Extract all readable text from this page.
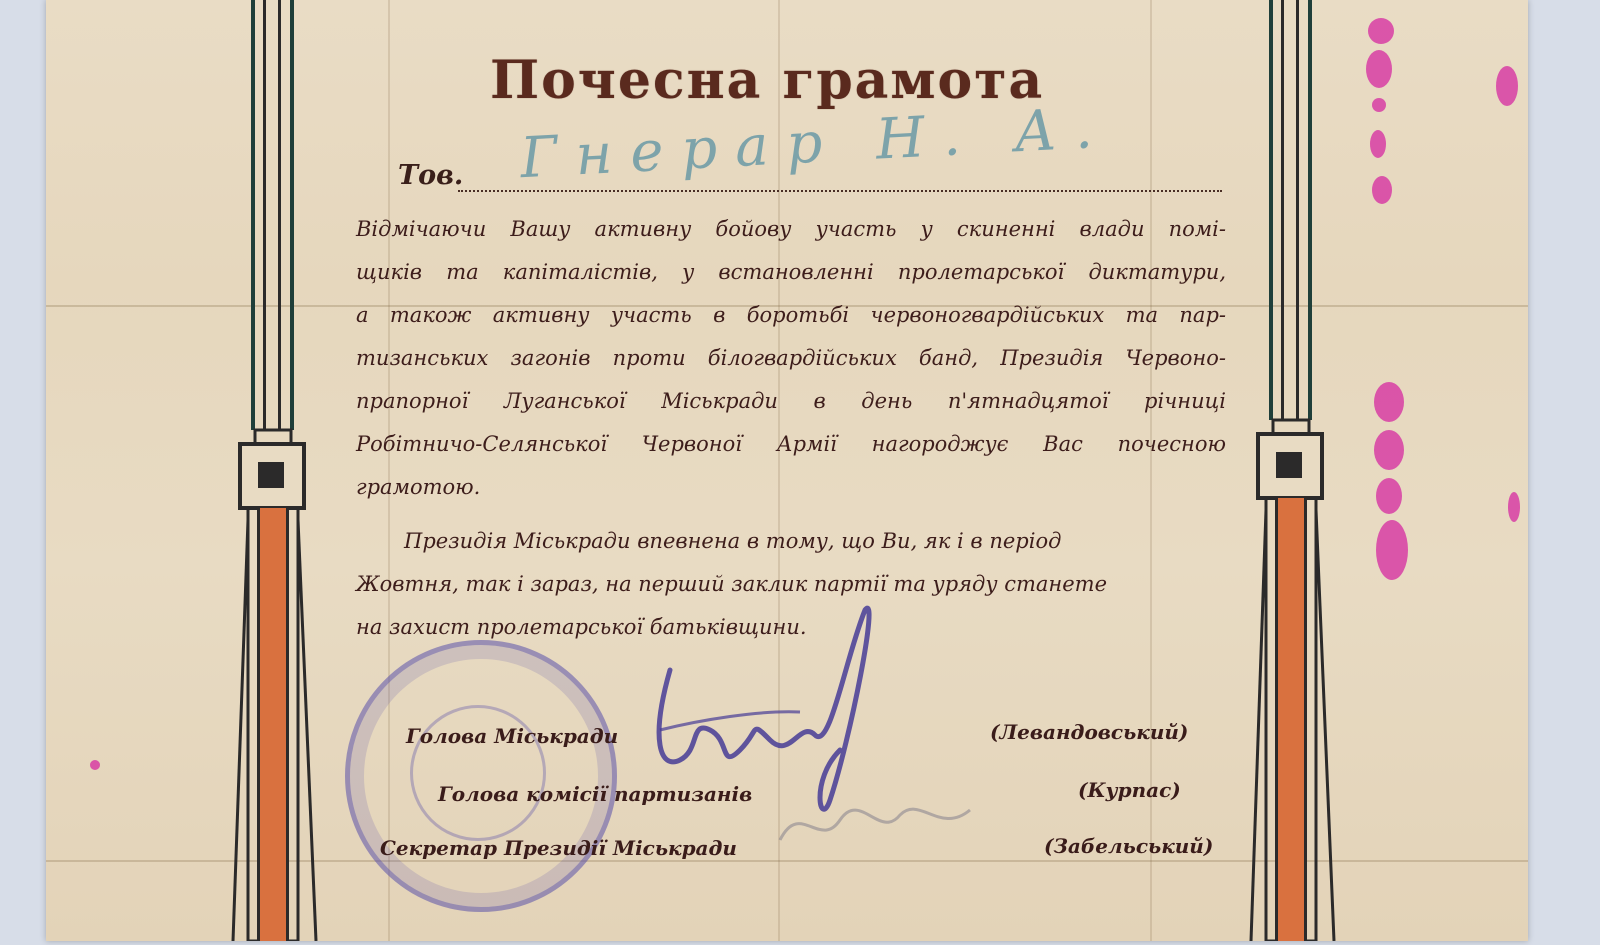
Почесна грамота
Гнерар Н. А.
Тов.
Відмічаючи Вашу активну бойову участь у скиненні влади помі-
щиків та капіталістів, у встановленні пролетарської диктатури,
а також активну участь в боротьбі червоногвардійських та пар-
тизанських загонів проти білогвардійських банд, Президія Червоно-
прапорної Луганської Міськради в день п'ятнадцятої річниці
Робітничо-Селянської Червоної Армії нагороджує Вас почесною
грамотою.
Президія Міськради впевнена в тому, що Ви, як і в період
Жовтня, так і зараз, на перший заклик партії та уряду станете
на захист пролетарської батьківщини.
Голова Міськради	(Левандовський)
Голова комісії партизанів	(Курпас)
Секретар Президії Міськради	(Забельський)
